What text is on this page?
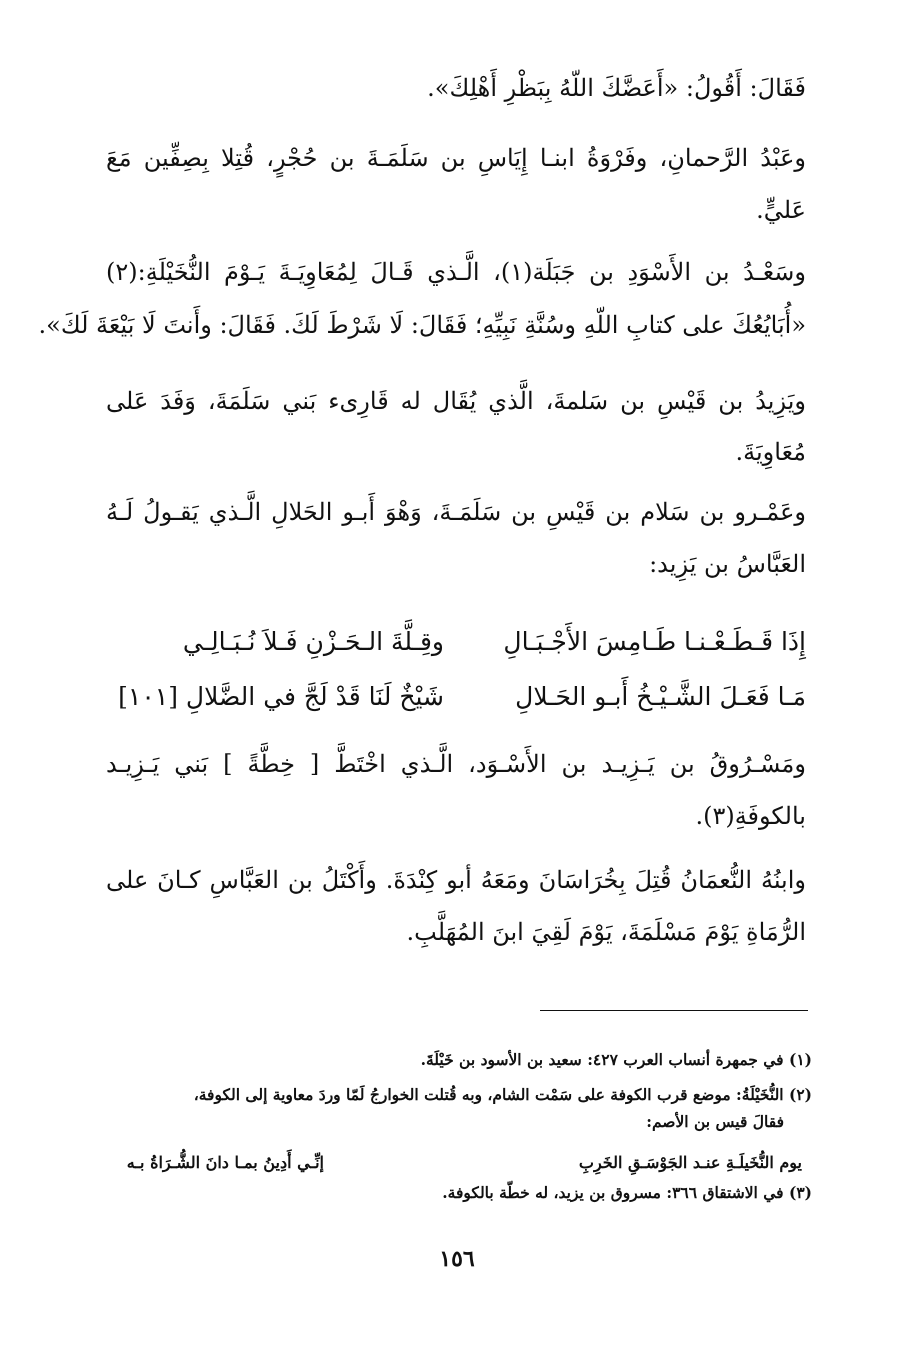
فَقَالَ: أَقُولُ: «أَعَضَّكَ اللّهُ بِبَظْرِ أَهْلِكَ».
وعَبْدُ الرَّحمانِ، وفَرْوَةُ ابنـا إِيَاسِ بن سَلَمَـةَ بن حُجْرٍ، قُتِلا بِصِفِّين مَعَ
عَليٍّ.
وسَعْـدُ بن الأَسْوَدِ بن جَبَلَة(١)، الَّـذي قَـالَ لِمُعَاوِيَـةَ يَـوْمَ النُّخَيْلَةِ:(٢)
«أُبَايُعُكَ على كتابِ اللّهِ وسُنَّةِ نَبِيِّهِ؛ فَقَالَ: لَا شَرْطَ لَكَ. فَقَالَ: وأَنتَ لَا بَيْعَةَ لَكَ».
ويَزِيدُ بن قَيْسِ بن سَلمةَ، الَّذي يُقَال له قَارِىء بَني سَلَمَةَ، وَفَدَ عَلى
مُعَاوِيَةَ.
وعَمْـرو بن سَلام بن قَيْسِ بن سَلَمَـةَ، وَهْوَ أَبـو الحَلالِ الَّـذي يَقـولُ لَـهُ
العَبَّاسُ بن يَزِيد:
إِذَا قَـطَـعْـنـا طَـامِسَ الأَجْـبَـالِ
وقِـلَّةَ الـحَـزْنِ فَـلاَ نُـبَـالِـي
مَـا فَعَـلَ الشَّـيْـخُ أَبـو الحَـلالِ
شَيْخٌ لَنَا قَدْ لَجَّ في الضَّلالِ [١٠١]
ومَسْـرُوقُ بن يَـزِيـد بن الأَسْـوَد، الَّـذي اخْتَطَّ [ خِطَّةً ] بَني يَـزِيـد
بالكوفَةِ(٣).
وابنُهُ النُّعمَانُ قُتِلَ بِخُرَاسَانَ ومَعَهُ أبو كِنْدَةَ. وأَكْتَلُ بن العَبَّاسِ كـانَ على
الرُّمَاةِ يَوْمَ مَسْلَمَةَ، يَوْمَ لَقِيَ ابنَ المُهَلَّبِ.
(١) في جمهرة أنساب العرب ٤٢٧: سعيد بن الأسود بن خَيْلَةَ.
(٢) النُّخَيْلَةُ: موضع قرب الكوفة على سَمْت الشام، وبه قُتلت الخوارجُ لَمّا وردَ معاوية إلى الكوفة،
فقالَ قيس بن الأصم:
إنِّـي أَدِينُ بمـا دانَ الشُّـرَاةُ بـه	يوم النُّخَيلَـةِ عنـد الجَوْسَـقِ الخَرِبِ
(٣) في الاشتقاق ٣٦٦: مسروق بن يزيد، له خطّة بالكوفة.
١٥٦
